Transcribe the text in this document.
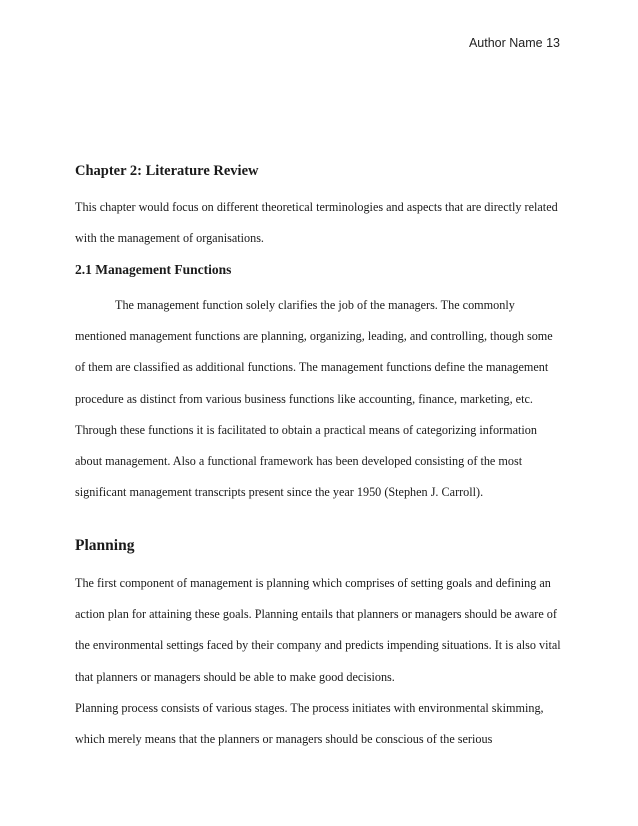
Author Name 13
Chapter 2: Literature Review

This chapter would focus on different theoretical terminologies and aspects that are directly related with the management of organisations.

2.1 Management Functions

The management function solely clarifies the job of the managers. The commonly mentioned management functions are planning, organizing, leading, and controlling, though some of them are classified as additional functions. The management functions define the management procedure as distinct from various business functions like accounting, finance, marketing, etc. Through these functions it is facilitated to obtain a practical means of categorizing information about management. Also a functional framework has been developed consisting of the most significant management transcripts present since the year 1950 (Stephen J. Carroll).

Planning

The first component of management is planning which comprises of setting goals and defining an action plan for attaining these goals. Planning entails that planners or managers should be aware of the environmental settings faced by their company and predicts impending situations. It is also vital that planners or managers should be able to make good decisions.

Planning process consists of various stages. The process initiates with environmental skimming, which merely means that the planners or managers should be conscious of the serious
